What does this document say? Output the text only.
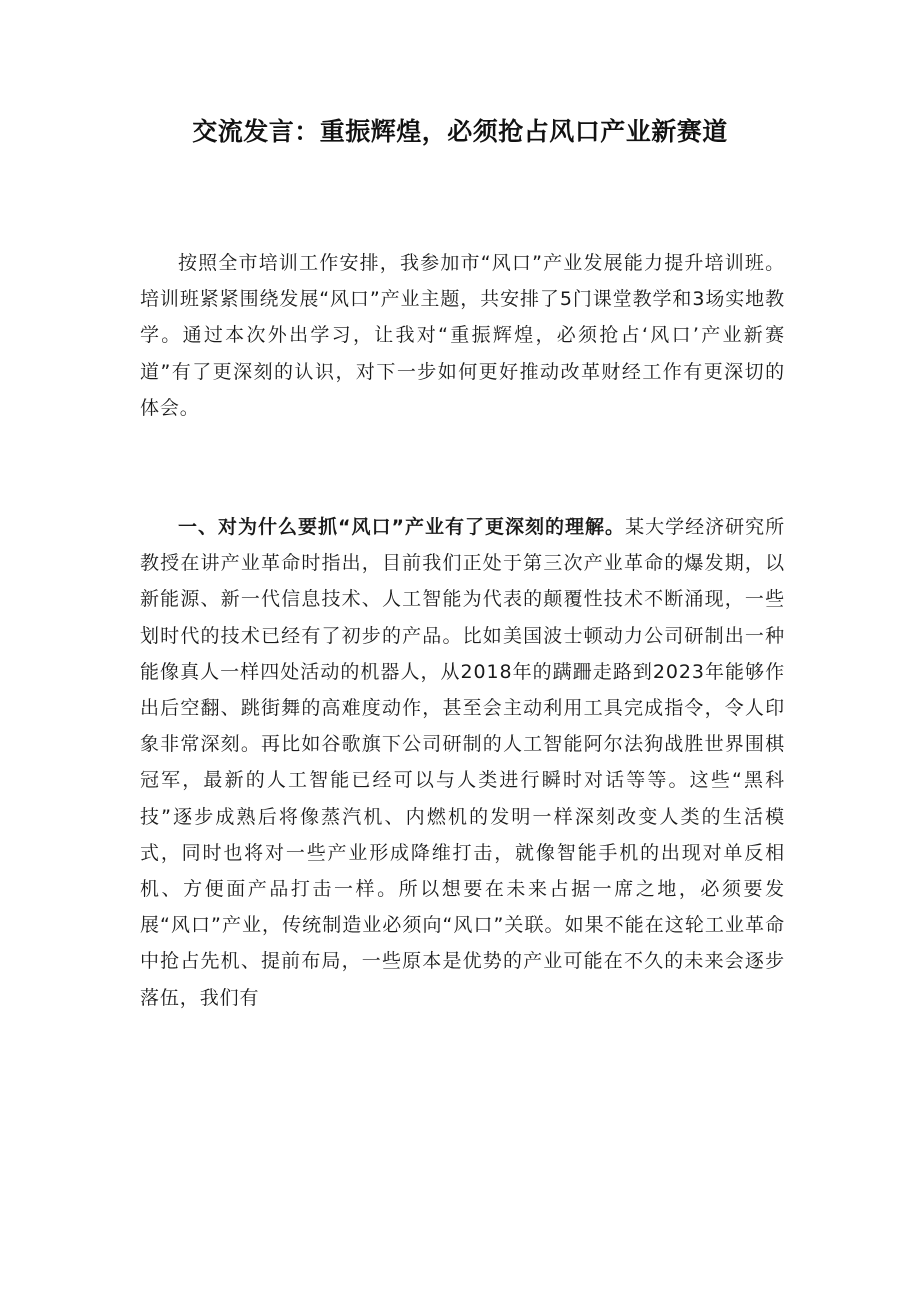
交流发言：重振辉煌，必须抢占风口产业新赛道

按照全市培训工作安排，我参加市“风口”产业发展能力提升培训班。培训班紧紧围绕发展“风口”产业主题，共安排了5门课堂教学和3场实地教学。通过本次外出学习，让我对“重振辉煌，必须抢占‘风口’产业新赛道”有了更深刻的认识，对下一步如何更好推动改革财经工作有更深切的体会。

一、对为什么要抓“风口”产业有了更深刻的理解。某大学经济研究所教授在讲产业革命时指出，目前我们正处于第三次产业革命的爆发期，以新能源、新一代信息技术、人工智能为代表的颠覆性技术不断涌现，一些划时代的技术已经有了初步的产品。比如美国波士顿动力公司研制出一种能像真人一样四处活动的机器人，从2018年的蹒跚走路到2023年能够作出后空翻、跳街舞的高难度动作，甚至会主动利用工具完成指令，令人印象非常深刻。再比如谷歌旗下公司研制的人工智能阿尔法狗战胜世界围棋冠军，最新的人工智能已经可以与人类进行瞬时对话等等。这些“黑科技”逐步成熟后将像蒸汽机、内燃机的发明一样深刻改变人类的生活模式，同时也将对一些产业形成降维打击，就像智能手机的出现对单反相机、方便面产品打击一样。所以想要在未来占据一席之地，必须要发展“风口”产业，传统制造业必须向“风口”关联。如果不能在这轮工业革命中抢占先机、提前布局，一些原本是优势的产业可能在不久的未来会逐步落伍，我们有
